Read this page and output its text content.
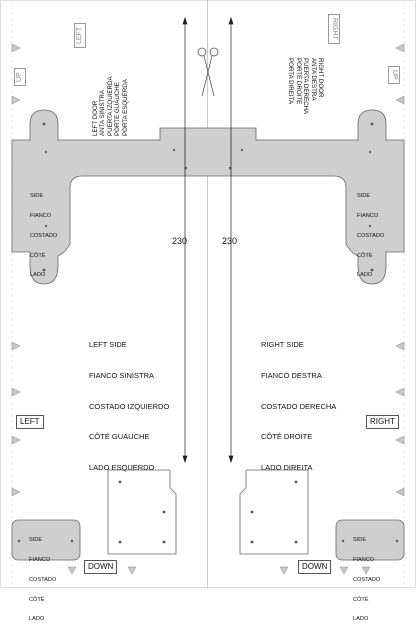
LEFT DOOR ANTA SINISTRA PUERTA IZQUIERDA PORTE GUAUCHE PORTA ESQUERDA
RIGHT DOOR
ANTA DESTRA
PUERTA DERECHA
PORTE DROITE
PORTA DIREITA
UP
LEFT	RIGHT
UP

SIDE

FIANCO

COSTADO

CÔTÉ

LADO

SIDE

FIANCO

COSTADO

CÔTÉ

LADO

230	230

LEFT SIDE

FIANCO SINISTRA

COSTADO IZQUIERDO

CÔTÉ GUAUCHE

LADO ESQUERDO

RIGHT SIDE

FIANCO DESTRA

COSTADO DERECHA

CÔTÉ DROITE

LADO DIREITA

LEFT	RIGHT

SIDE

FIANCO

COSTADO

CÔTÉ

LADO

SIDE

FIANCO

COSTADO

CÔTÉ

LADO

DOWN	DOWN
